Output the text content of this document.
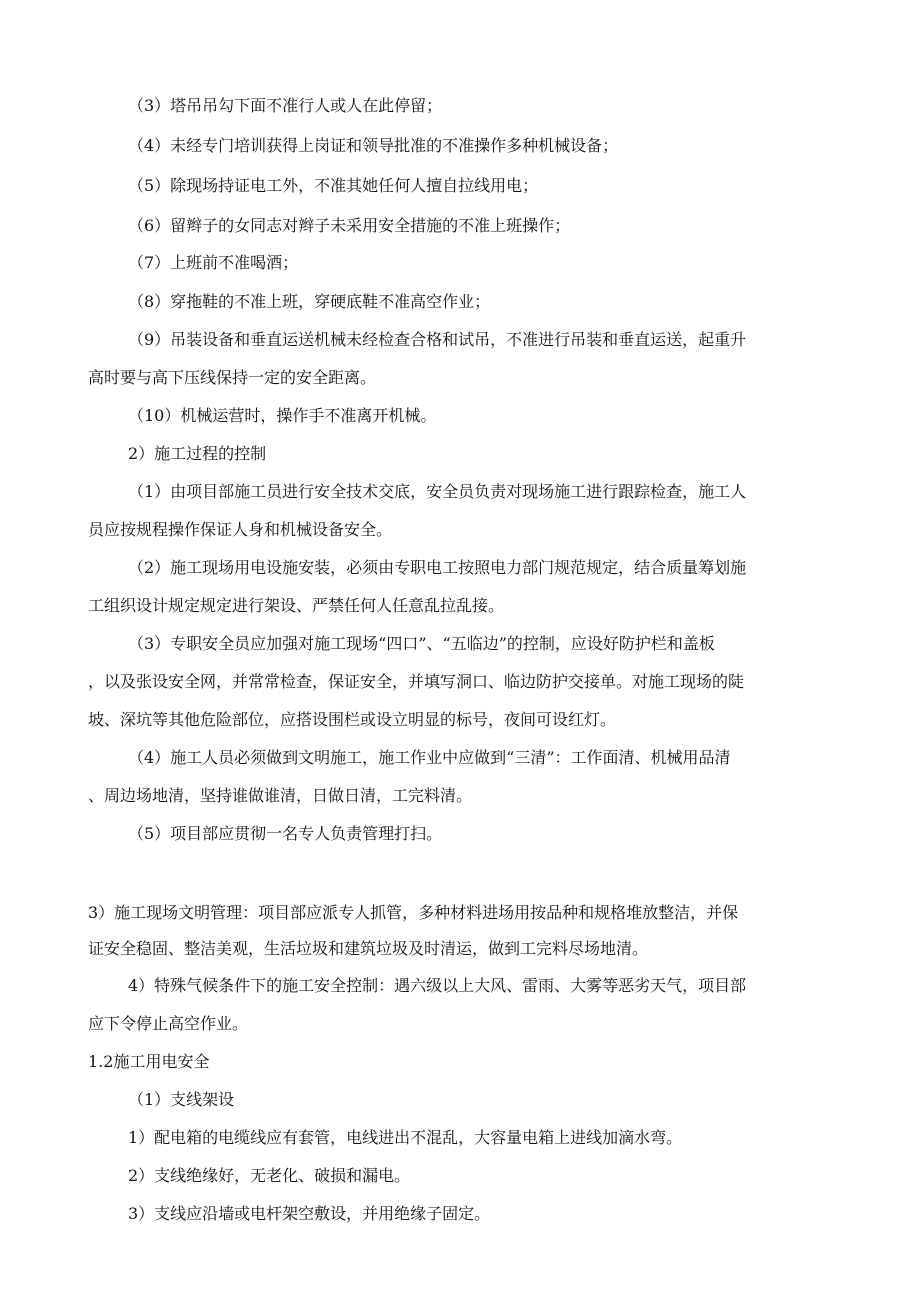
（3）塔吊吊勾下面不准行人或人在此停留；
（4）未经专门培训获得上岗证和领导批准的不准操作多种机械设备；
（5）除现场持证电工外，不准其她任何人擅自拉线用电；
（6）留辫子的女同志对辫子未采用安全措施的不准上班操作；
（7）上班前不准喝酒；
（8）穿拖鞋的不准上班，穿硬底鞋不准高空作业；
（9）吊装设备和垂直运送机械未经检查合格和试吊，不准进行吊装和垂直运送，起重升
高时要与高下压线保持一定的安全距离。
（10）机械运营时，操作手不准离开机械。
2）施工过程的控制
（1）由项目部施工员进行安全技术交底，安全员负责对现场施工进行跟踪检查，施工人
员应按规程操作保证人身和机械设备安全。
（2）施工现场用电设施安装，必须由专职电工按照电力部门规范规定，结合质量筹划施
工组织设计规定规定进行架设、严禁任何人任意乱拉乱接。
（3）专职安全员应加强对施工现场“四口”、“五临边”的控制，应设好防护栏和盖板
，以及张设安全网，并常常检查，保证安全，并填写洞口、临边防护交接单。对施工现场的陡
坡、深坑等其他危险部位，应搭设围栏或设立明显的标号，夜间可设红灯。
（4）施工人员必须做到文明施工，施工作业中应做到“三清”：工作面清、机械用品清
、周边场地清，坚持谁做谁清，日做日清，工完料清。
（5）项目部应贯彻一名专人负责管理打扫。
3）施工现场文明管理：项目部应派专人抓管，多种材料进场用按品种和规格堆放整洁，并保
证安全稳固、整洁美观，生活垃圾和建筑垃圾及时清运，做到工完料尽场地清。
4）特殊气候条件下的施工安全控制：遇六级以上大风、雷雨、大雾等恶劣天气，项目部
应下令停止高空作业。
1.2施工用电安全
（1）支线架设
1）配电箱的电缆线应有套管，电线进出不混乱，大容量电箱上进线加滴水弯。
2）支线绝缘好，无老化、破损和漏电。
3）支线应沿墙或电杆架空敷设，并用绝缘子固定。
